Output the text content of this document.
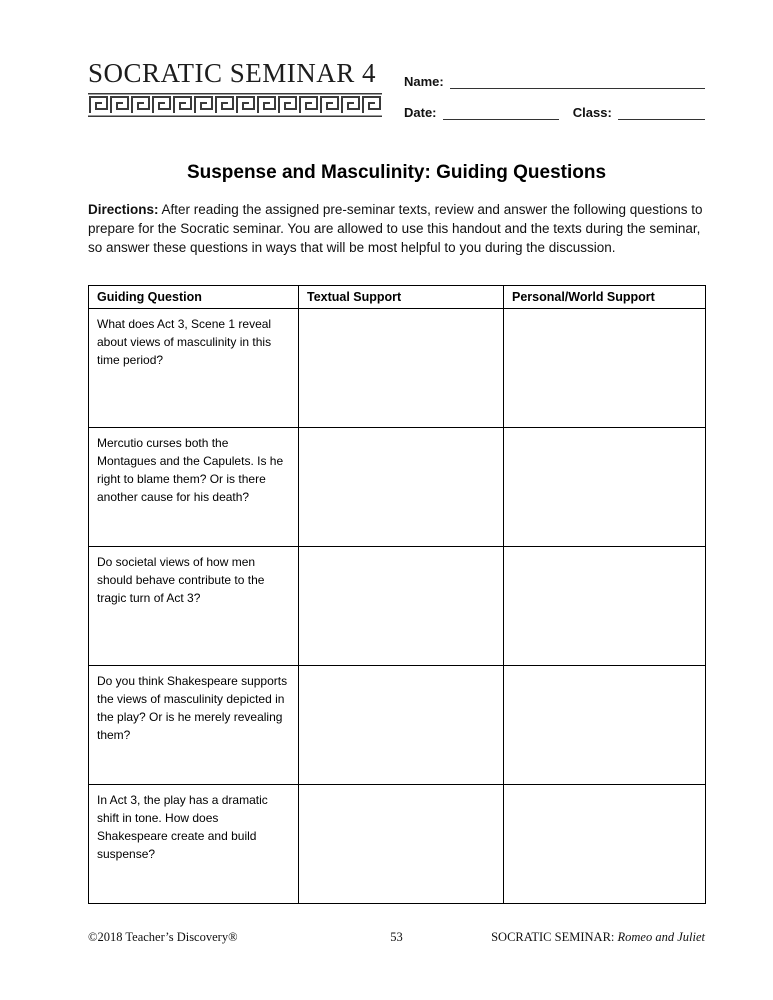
SOCRATIC SEMINAR 4	Name:
Date:	Class:
Suspense and Masculinity: Guiding Questions

Directions: After reading the assigned pre-seminar texts, review and answer the following questions to prepare for the Socratic seminar. You are allowed to use this handout and the texts during the seminar, so answer these questions in ways that will be most helpful to you during the discussion.

Guiding Question	Textual Support	Personal/World Support

What does Act 3, Scene 1 reveal about views of masculinity in this time period?		

Mercutio curses both the Montagues and the Capulets. Is he right to blame them? Or is there another cause for his death?		

Do societal views of how men should behave contribute to the tragic turn of Act 3?		

Do you think Shakespeare supports the views of masculinity depicted in the play? Or is he merely revealing them?		

In Act 3, the play has a dramatic shift in tone. How does Shakespeare create and build suspense?		

©2018 Teacher’s Discovery®	53	SOCRATIC SEMINAR: Romeo and Juliet
